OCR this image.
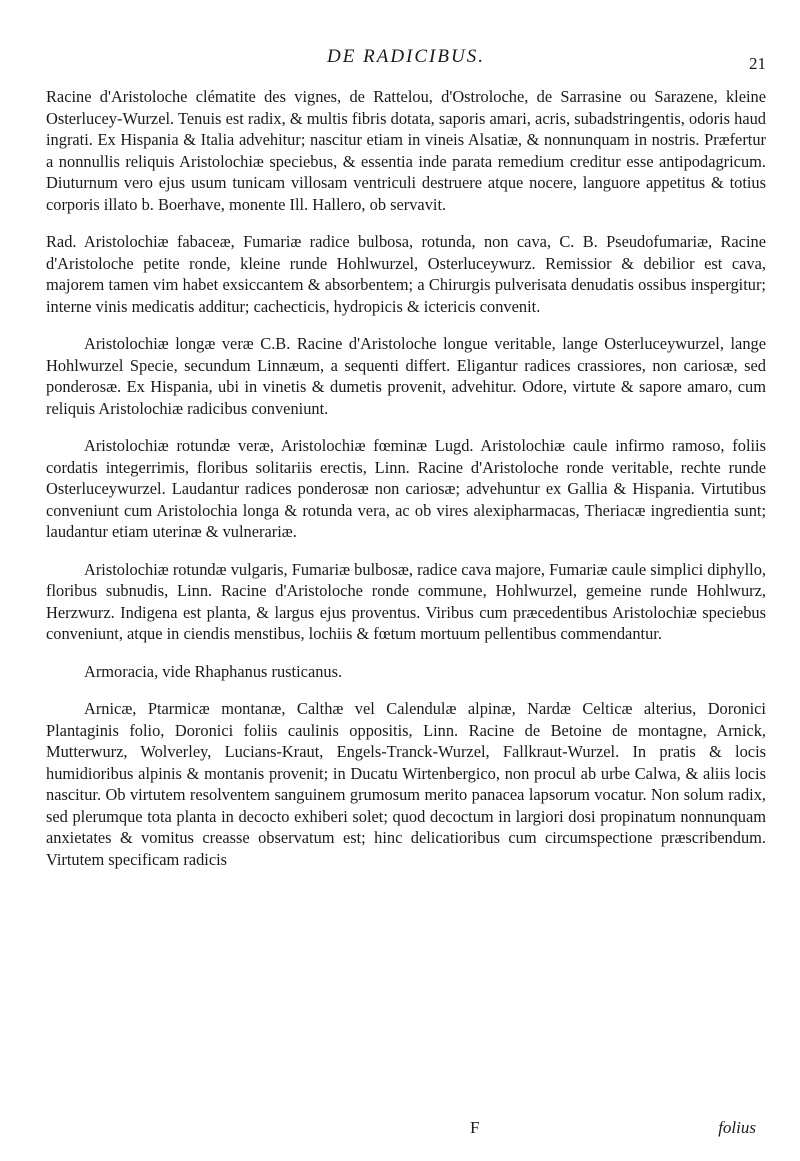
DE RADICIBUS.	21

Racine d'Aristoloche clématite des vignes, de Rattelou, d'Ostroloche, de Sarrasine ou Sarazene, kleine Osterlucey-Wurzel. Tenuis est radix, & multis fibris dotata, saporis amari, acris, subadstringentis, odoris haud ingrati. Ex Hispania & Italia advehitur; nascitur etiam in vineis Alsatiæ, & nonnunquam in nostris. Præfertur a nonnullis reliquis Aristolochiæ speciebus, & essentia inde parata remedium creditur esse antipodagricum. Diuturnum vero ejus usum tunicam villosam ventriculi destruere atque nocere, languore appetitus & totius corporis illato b. Boerhave, monente Ill. Hallero, ob servavit.

Rad. Aristolochiæ fabaceæ, Fumariæ radice bulbosa, rotunda, non cava, C. B. Pseudofumariæ, Racine d'Aristoloche petite ronde, kleine runde Hohlwurzel, Osterluceywurz. Remissior & debilior est cava, majorem tamen vim habet exsiccantem & absorbentem; a Chirurgis pulverisata denudatis ossibus inspergitur; interne vinis medicatis additur; cachecticis, hydropicis & ictericis convenit.

Aristolochiæ longæ veræ C.B. Racine d'Aristoloche longue veritable, lange Osterluceywurzel, lange Hohlwurzel Specie, secundum Linnæum, a sequenti differt. Eligantur radices crassiores, non cariosæ, sed ponderosæ. Ex Hispania, ubi in vinetis & dumetis provenit, advehitur. Odore, virtute & sapore amaro, cum reliquis Aristolochiæ radicibus conveniunt.

Aristolochiæ rotundæ veræ, Aristolochiæ fœminæ Lugd. Aristolochiæ caule infirmo ramoso, foliis cordatis integerrimis, floribus solitariis erectis, Linn. Racine d'Aristoloche ronde veritable, rechte runde Osterluceywurzel. Laudantur radices ponderosæ non cariosæ; advehuntur ex Gallia & Hispania. Virtutibus conveniunt cum Aristolochia longa & rotunda vera, ac ob vires alexipharmacas, Theriacæ ingredientia sunt; laudantur etiam uterinæ & vulnerariæ.

Aristolochiæ rotundæ vulgaris, Fumariæ bulbosæ, radice cava majore, Fumariæ caule simplici diphyllo, floribus subnudis, Linn. Racine d'Aristoloche ronde commune, Hohlwurzel, gemeine runde Hohlwurz, Herzwurz. Indigena est planta, & largus ejus proventus. Viribus cum præcedentibus Aristolochiæ speciebus conveniunt, atque in ciendis menstibus, lochiis & fœtum mortuum pellentibus commendantur.

Armoracia, vide Rhaphanus rusticanus.

Arnicæ, Ptarmicæ montanæ, Calthæ vel Calendulæ alpinæ, Nardæ Celticæ alterius, Doronici Plantaginis folio, Doronici foliis caulinis oppositis, Linn. Racine de Betoine de montagne, Arnick, Mutterwurz, Wolverley, Lucians-Kraut, Engels-Tranck-Wurzel, Fallkraut-Wurzel. In pratis & locis humidioribus alpinis & montanis provenit; in Ducatu Wirtenbergico, non procul ab urbe Calwa, & aliis locis nascitur. Ob virtutem resolventem sanguinem grumosum merito panacea lapsorum vocatur. Non solum radix, sed plerumque tota planta in decocto exhiberi solet; quod decoctum in largiori dosi propinatum nonnunquam anxietates & vomitus creasse observatum est; hinc delicatioribus cum circumspectione præscribendum. Virtutem specificam radicis

F	folius
